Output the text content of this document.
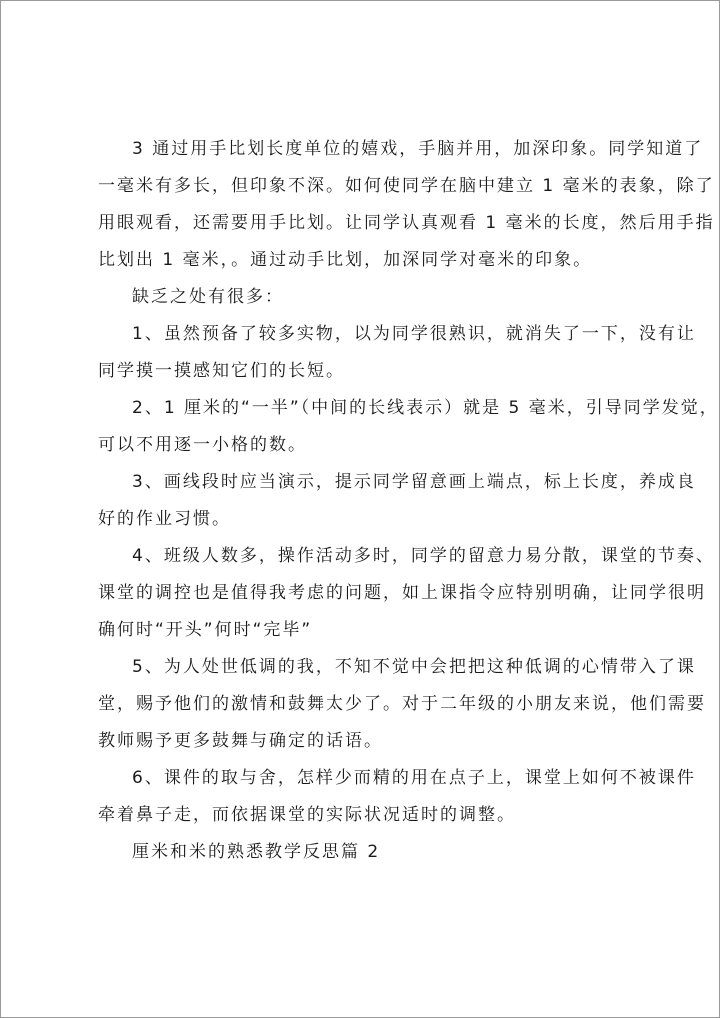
3 通过用手比划长度单位的嬉戏，手脑并用，加深印象。同学知道了

一毫米有多长，但印象不深。如何使同学在脑中建立 1 毫米的表象，除了

用眼观看，还需要用手比划。让同学认真观看 1 毫米的长度，然后用手指

比划出 1 毫米，。通过动手比划，加深同学对毫米的印象。

缺乏之处有很多：

1、虽然预备了较多实物，以为同学很熟识，就消失了一下，没有让

同学摸一摸感知它们的长短。

2、1 厘米的“一半”（中间的长线表示）就是 5 毫米，引导同学发觉，

可以不用逐一小格的数。

3、画线段时应当演示，提示同学留意画上端点，标上长度，养成良

好的作业习惯。

4、班级人数多，操作活动多时，同学的留意力易分散，课堂的节奏、

课堂的调控也是值得我考虑的问题，如上课指令应特别明确，让同学很明

确何时“开头”何时“完毕”

5、为人处世低调的我，不知不觉中会把把这种低调的心情带入了课

堂，赐予他们的激情和鼓舞太少了。对于二年级的小朋友来说，他们需要

教师赐予更多鼓舞与确定的话语。

6、课件的取与舍，怎样少而精的用在点子上，课堂上如何不被课件

牵着鼻子走，而依据课堂的实际状况适时的调整。

厘米和米的熟悉教学反思篇 2
